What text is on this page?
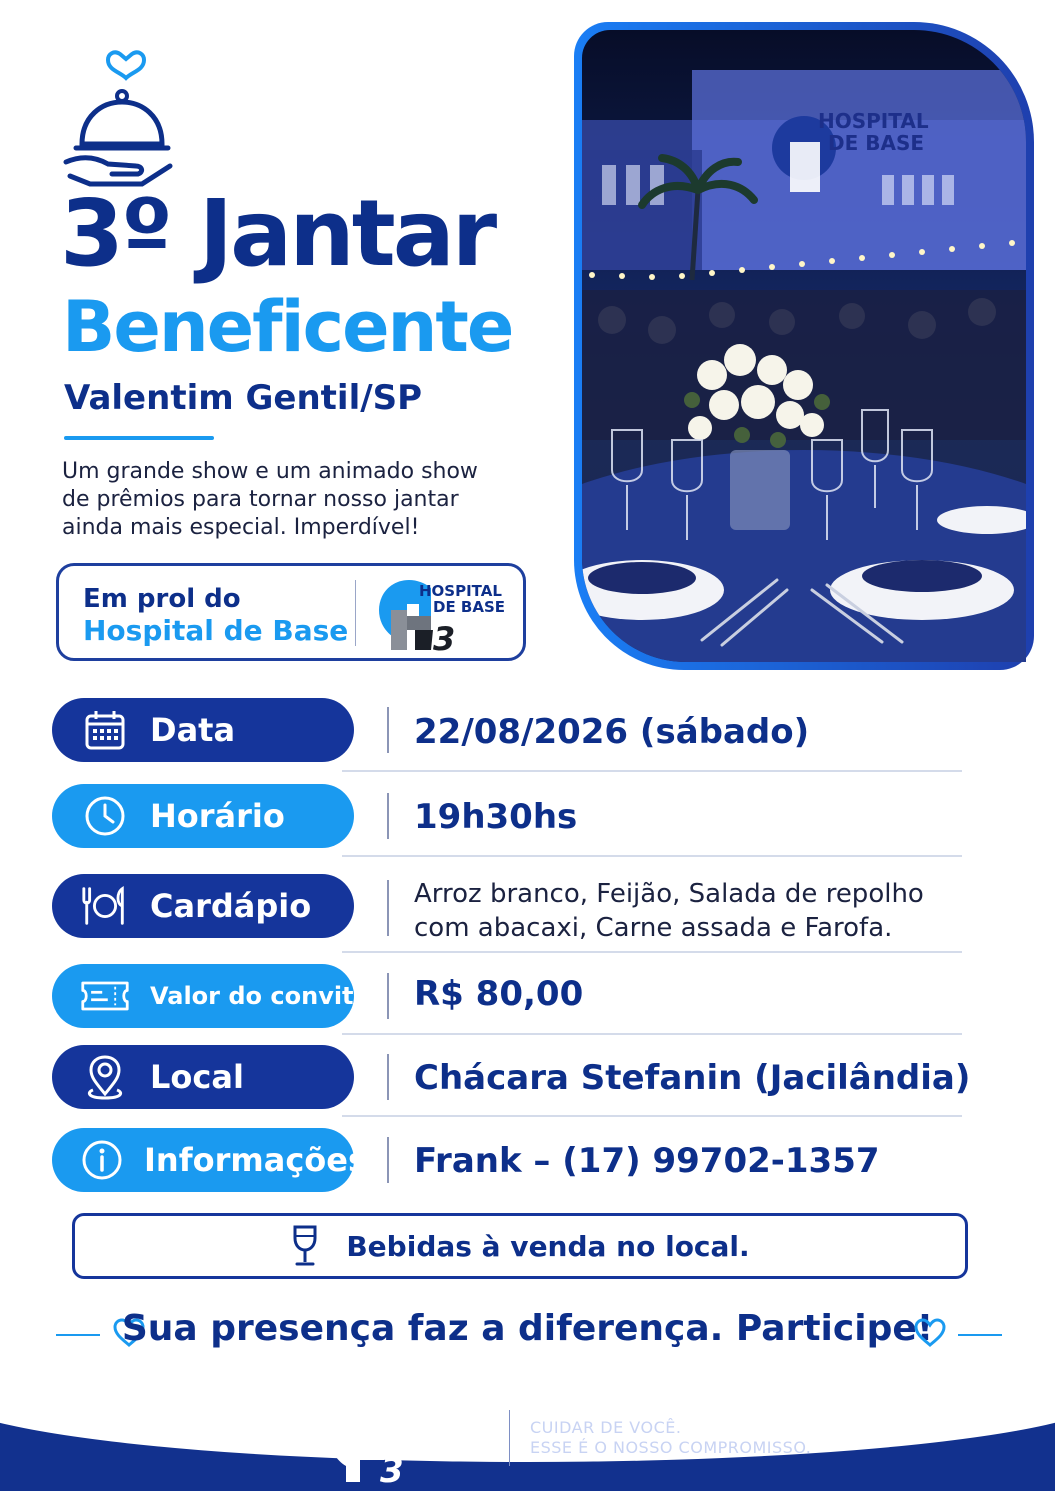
3º Jantar
Beneficente
Valentim Gentil/SP
Um grande show e um animado show de prêmios para tornar nosso jantar ainda mais especial. Imperdível!
Em prol do
Hospital de Base	3
HOSPITAL
DE BASE
HOSPITAL
DE BASE
Data	22/08/2026 (sábado)
Horário	19h30hs
Cardápio	Arroz branco, Feijão, Salada de repolho com abacaxi, Carne assada e Farofa.
Valor do convite R$ 80,00
Local	Chácara Stefanin (Jacilândia)
Informações Frank – (17) 99702-1357
Bebidas à venda no local.
Sua presença faz a diferença. Participe!
3
HOSPITAL
DE BASE
CUIDAR DE VOCÊ.
ESSE É O NOSSO COMPROMISSO.
